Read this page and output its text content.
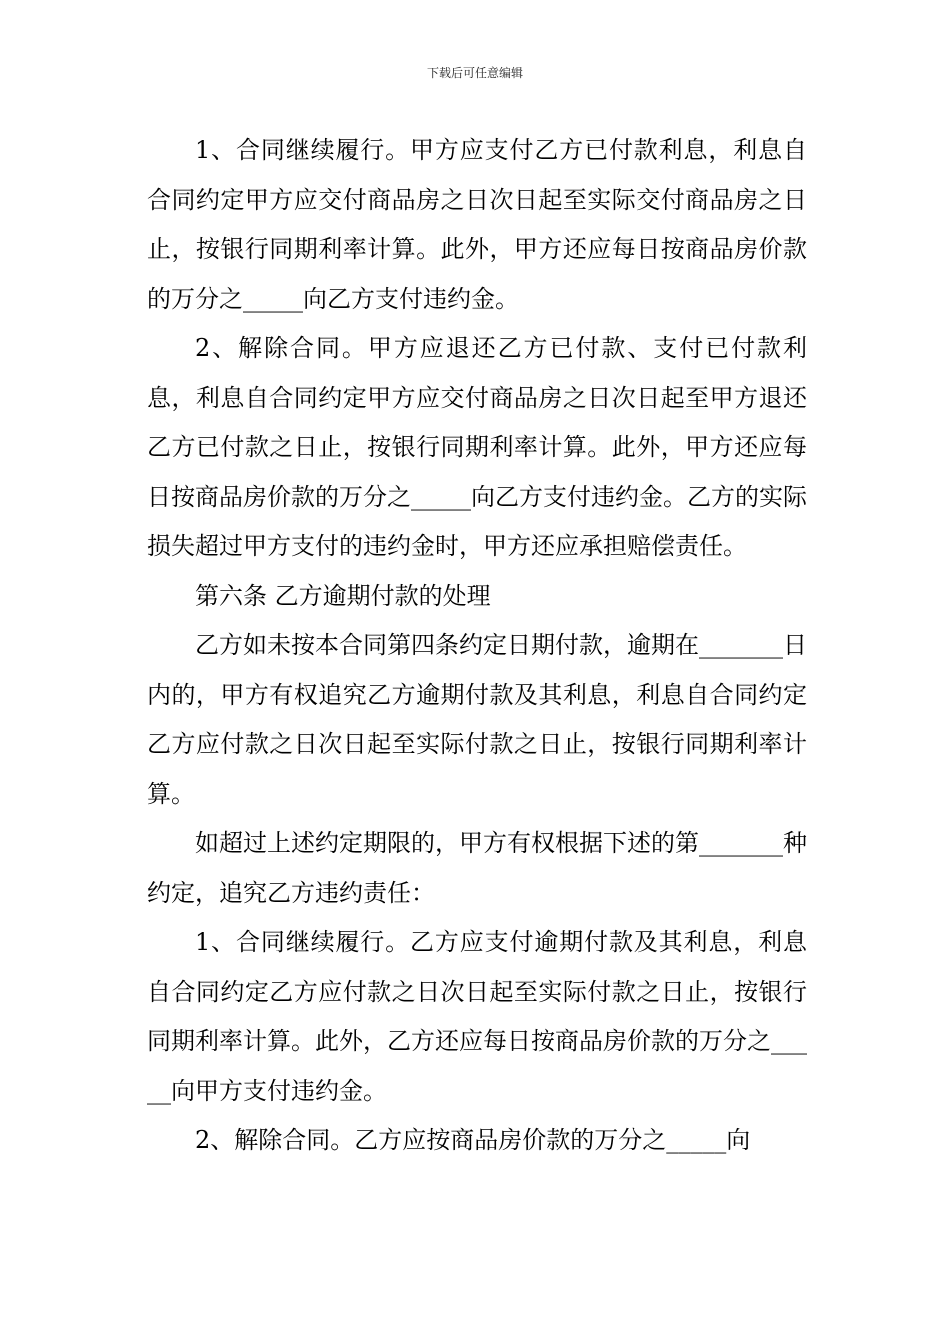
下载后可任意编辑

1、合同继续履行。甲方应支付乙方已付款利息，利息自合同约定甲方应交付商品房之日次日起至实际交付商品房之日止，按银行同期利率计算。此外，甲方还应每日按商品房价款的万分之_____向乙方支付违约金。

2、解除合同。甲方应退还乙方已付款、支付已付款利息，利息自合同约定甲方应交付商品房之日次日起至甲方退还乙方已付款之日止，按银行同期利率计算。此外，甲方还应每日按商品房价款的万分之_____向乙方支付违约金。乙方的实际损失超过甲方支付的违约金时，甲方还应承担赔偿责任。

第六条 乙方逾期付款的处理

乙方如未按本合同第四条约定日期付款，逾期在_______日内的，甲方有权追究乙方逾期付款及其利息，利息自合同约定乙方应付款之日次日起至实际付款之日止，按银行同期利率计算。

如超过上述约定期限的，甲方有权根据下述的第_______种约定，追究乙方违约责任：

1、合同继续履行。乙方应支付逾期付款及其利息，利息自合同约定乙方应付款之日次日起至实际付款之日止，按银行同期利率计算。此外，乙方还应每日按商品房价款的万分之_____向甲方支付违约金。

2、解除合同。乙方应按商品房价款的万分之_____向
